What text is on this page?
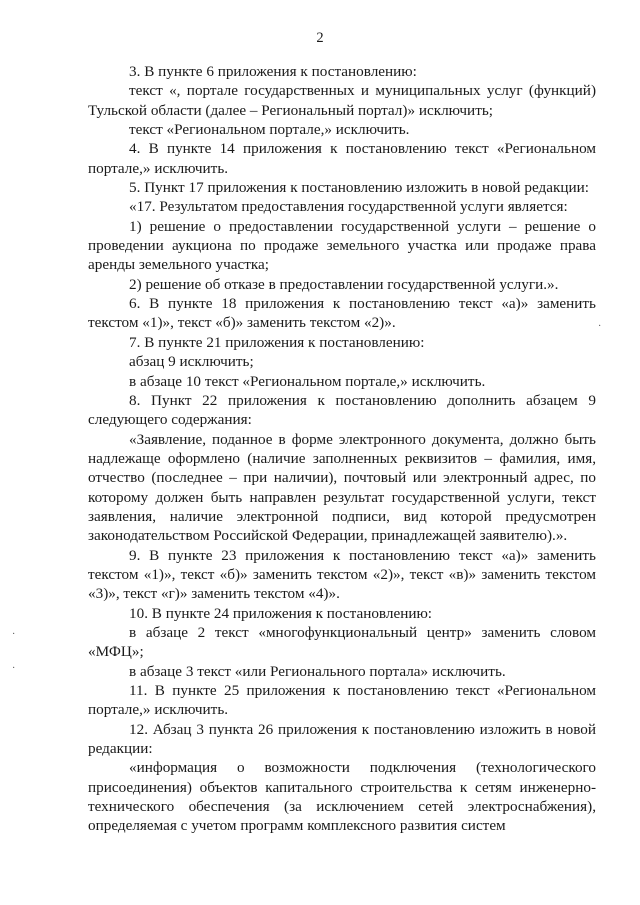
2

3. В пункте 6 приложения к постановлению:

текст «, портале государственных и муниципальных услуг (функций) Тульской области (далее – Региональный портал)» исключить;

текст «Региональном портале,» исключить.

4. В пункте 14 приложения к постановлению текст «Региональном портале,» исключить.

5. Пункт 17 приложения к постановлению изложить в новой редакции:

«17. Результатом предоставления государственной услуги является:

1) решение о предоставлении государственной услуги – решение о проведении аукциона по продаже земельного участка или продаже права аренды земельного участка;

2) решение об отказе в предоставлении государственной услуги.».

6. В пункте 18 приложения к постановлению текст «а)» заменить текстом «1)», текст «б)» заменить текстом «2)».

7. В пункте 21 приложения к постановлению:

абзац 9 исключить;

в абзаце 10 текст «Региональном портале,» исключить.

8. Пункт 22 приложения к постановлению дополнить абзацем 9 следующего содержания:

«Заявление, поданное в форме электронного документа, должно быть надлежаще оформлено (наличие заполненных реквизитов – фамилия, имя, отчество (последнее – при наличии), почтовый или электронный адрес, по которому должен быть направлен результат государственной услуги, текст заявления, наличие электронной подписи, вид которой предусмотрен законодательством Российской Федерации, принадлежащей заявителю).».

9. В пункте 23 приложения к постановлению текст «а)» заменить текстом «1)», текст «б)» заменить текстом «2)», текст «в)» заменить текстом «3)», текст «г)» заменить текстом «4)».

10. В пункте 24 приложения к постановлению:

в абзаце 2 текст «многофункциональный центр» заменить словом «МФЦ»;

в абзаце 3 текст «или Регионального портала» исключить.

11. В пункте 25 приложения к постановлению текст «Региональном портале,» исключить.

12. Абзац 3 пункта 26 приложения к постановлению изложить в новой редакции:

«информация о возможности подключения (технологического присоединения) объектов капитального строительства к сетям инженерно-технического обеспечения (за исключением сетей электроснабжения), определяемая с учетом программ комплексного развития систем

·
·
·
